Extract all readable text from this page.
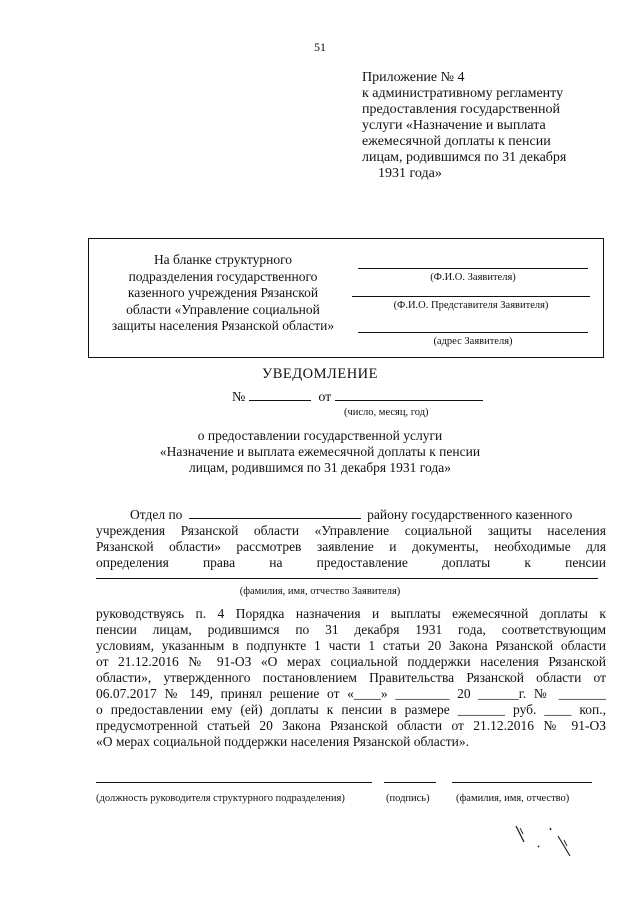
51
Приложение № 4
к административному регламенту
предоставления государственной
услуги «Назначение и выплата
ежемесячной доплаты к пенсии
лицам, родившимся по 31 декабря
1931 года»
На бланке структурного
подразделения государственного
казенного учреждения Рязанской
области «Управление социальной
защиты населения Рязанской области»
(Ф.И.О. Заявителя)
(Ф.И.О. Представителя Заявителя)
(адрес Заявителя)
УВЕДОМЛЕНИЕ
№	от
(число, месяц, год)
о предоставлении государственной услуги
«Назначение и выплата ежемесячной доплаты к пенсии
лицам, родившимся по 31 декабря 1931 года»
Отдел по	району государственного казенного
учреждения Рязанской области «Управление социальной защиты населения
Рязанской области» рассмотрев заявление и документы, необходимые для
определения права на предоставление доплаты к пенсии
(фамилия, имя, отчество Заявителя)
руководствуясь п. 4 Порядка назначения и выплаты ежемесячной доплаты к
пенсии лицам, родившимся по 31 декабря 1931 года, соответствующим
условиям, указанным в подпункте 1 части 1 статьи 20 Закона Рязанской области
от 21.12.2016 № 91-ОЗ «О мерах социальной поддержки населения Рязанской
области», утвержденного постановлением Правительства Рязанской области от
06.07.2017 № 149, принял решение от «____» ________ 20 ______г. № _______
о предоставлении ему (ей) доплаты к пенсии в размере _______ руб. ____ коп.,
предусмотренной статьей 20 Закона Рязанской области от 21.12.2016 № 91-ОЗ
«О мерах социальной поддержки населения Рязанской области».
(должность руководителя структурного подразделения)	(подпись)	(фамилия, имя, отчество)
